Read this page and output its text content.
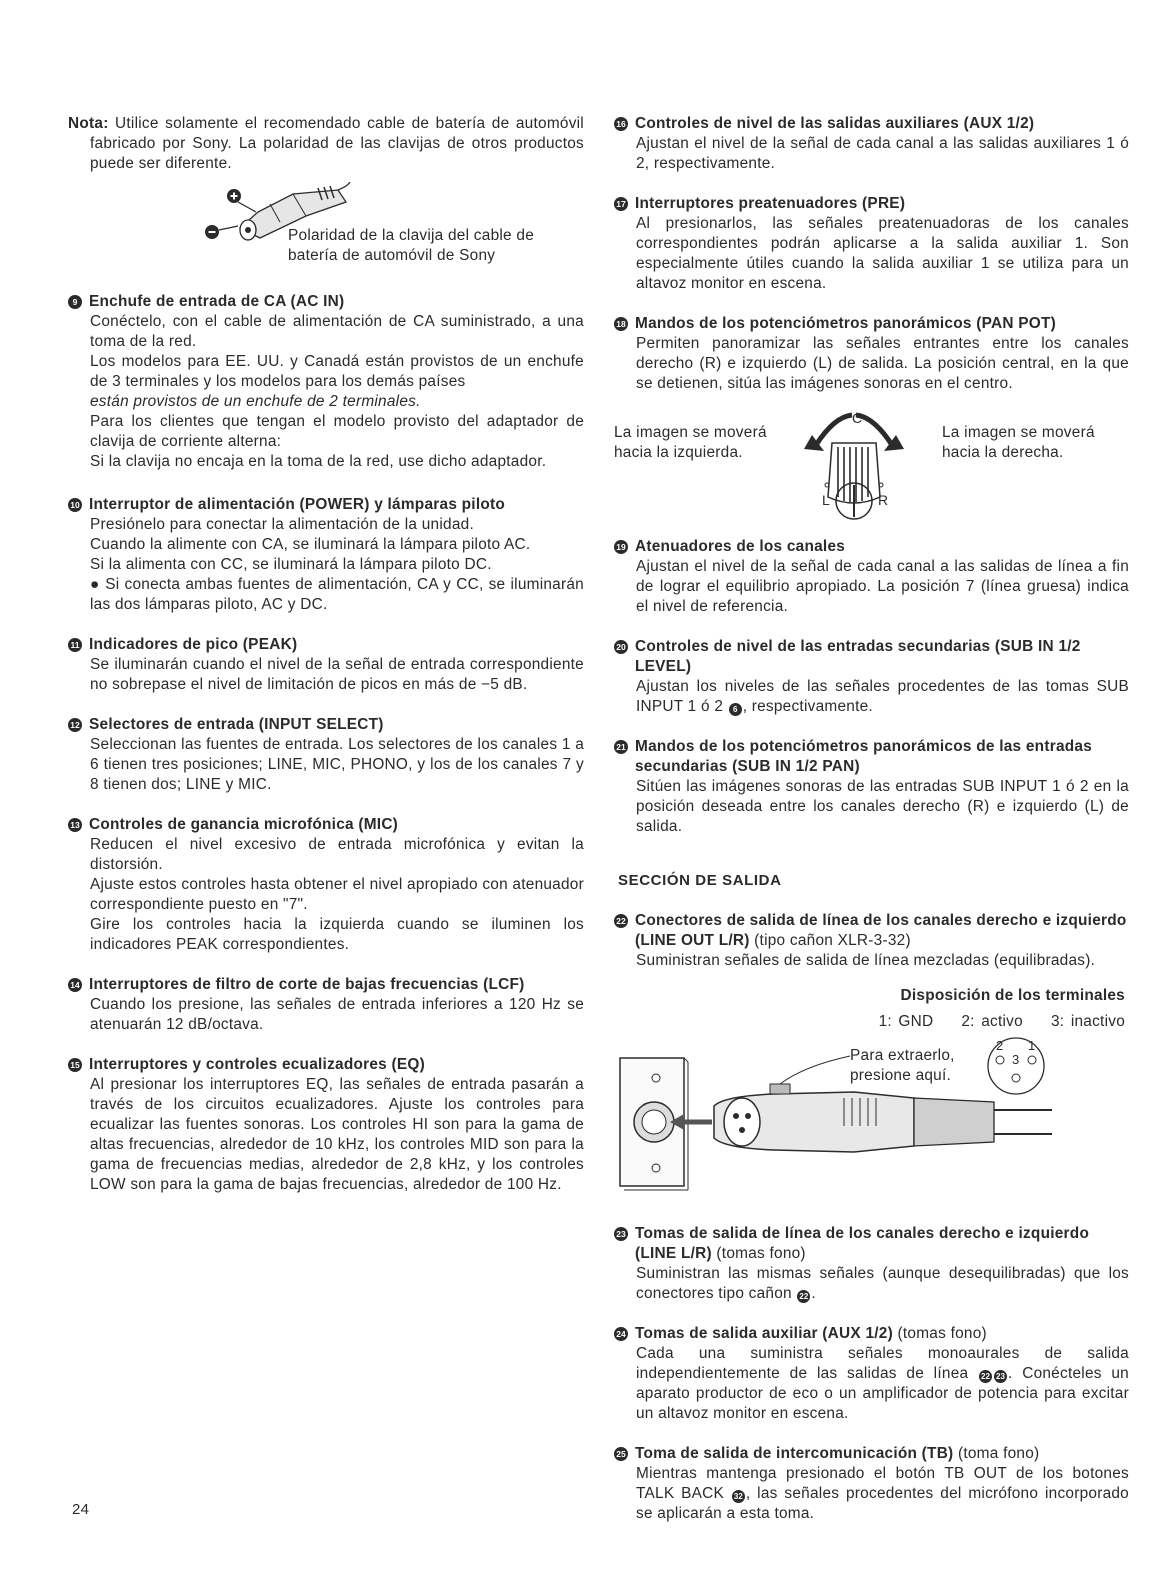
Nota: Utilice solamente el recomendado cable de batería de automóvil fabricado por Sony. La polaridad de las clavijas de otros productos puede ser diferente.

Polaridad de la clavija del cable de
batería de automóvil de Sony
9 Enchufe de entrada de CA (AC IN)

Conéctelo, con el cable de alimentación de CA suministrado, a una toma de la red.

Los modelos para EE. UU. y Canadá están provistos de un enchufe de 3 terminales y los modelos para los demás países

están provistos de un enchufe de 2 terminales.

Para los clientes que tengan el modelo provisto del adaptador de clavija de corriente alterna:

Si la clavija no encaja en la toma de la red, use dicho adaptador.

10 Interruptor de alimentación (POWER) y lámparas piloto

Presiónelo para conectar la alimentación de la unidad.

Cuando la alimente con CA, se iluminará la lámpara piloto AC.

Si la alimenta con CC, se iluminará la lámpara piloto DC.

● Si conecta ambas fuentes de alimentación, CA y CC, se iluminarán las dos lámparas piloto, AC y DC.

11 Indicadores de pico (PEAK)

Se iluminarán cuando el nivel de la señal de entrada correspondiente no sobrepase el nivel de limitación de picos en más de −5 dB.

12 Selectores de entrada (INPUT SELECT)

Seleccionan las fuentes de entrada. Los selectores de los canales 1 a 6 tienen tres posiciones; LINE, MIC, PHONO, y los de los canales 7 y 8 tienen dos; LINE y MIC.

13 Controles de ganancia microfónica (MIC)

Reducen el nivel excesivo de entrada microfónica y evitan la distorsión.

Ajuste estos controles hasta obtener el nivel apropiado con atenuador correspondiente puesto en "7".

Gire los controles hacia la izquierda cuando se iluminen los indicadores PEAK correspondientes.

14 Interruptores de filtro de corte de bajas frecuencias (LCF)

Cuando los presione, las señales de entrada inferiores a 120 Hz se atenuarán 12 dB/octava.

15 Interruptores y controles ecualizadores (EQ)

Al presionar los interruptores EQ, las señales de entrada pasarán a través de los circuitos ecualizadores. Ajuste los controles para ecualizar las fuentes sonoras. Los controles HI son para la gama de altas frecuencias, alrededor de 10 kHz, los controles MID son para la gama de frecuencias medias, alrededor de 2,8 kHz, y los controles LOW son para la gama de bajas frecuencias, alrededor de 100 Hz.

16 Controles de nivel de las salidas auxiliares (AUX 1/2)

Ajustan el nivel de la señal de cada canal a las salidas auxiliares 1 ó 2, respectivamente.

17 Interruptores preatenuadores (PRE)

Al presionarlos, las señales preatenuadoras de los canales correspondientes podrán aplicarse a la salida auxiliar 1. Son especialmente útiles cuando la salida auxiliar 1 se utiliza para un altavoz monitor en escena.

18 Mandos de los potenciómetros panorámicos (PAN POT)

Permiten panoramizar las señales entrantes entre los canales derecho (R) e izquierdo (L) de salida. La posición central, en la que se detienen, sitúa las imágenes sonoras en el centro.

La imagen se moverá
hacia la izquierda.
C
L	R
La imagen se moverá
hacia la derecha.
19 Atenuadores de los canales

Ajustan el nivel de la señal de cada canal a las salidas de línea a fin de lograr el equilibrio apropiado. La posición 7 (línea gruesa) indica el nivel de referencia.

20 Controles de nivel de las entradas secundarias (SUB IN 1/2 LEVEL)

Ajustan los niveles de las señales procedentes de las tomas SUB INPUT 1 ó 2 6 , respectivamente.

21 Mandos de los potenciómetros panorámicos de las entradas secundarias (SUB IN 1/2 PAN)

Sitúen las imágenes sonoras de las entradas SUB INPUT 1 ó 2 en la posición deseada entre los canales derecho (R) e izquierdo (L) de salida.

SECCIÓN DE SALIDA
22 Conectores de salida de línea de los canales derecho e izquierdo (LINE OUT L/R) (tipo cañon XLR-3-32)

Suministran señales de salida de línea mezcladas (equilibradas).

Disposición de los terminales
1: GND 2: activo 3: inactivo
2 1
3
Para extraerlo,
presione aquí.
23 Tomas de salida de línea de los canales derecho e izquierdo (LINE L/R) (tomas fono)

Suministran las mismas señales (aunque desequilibradas) que los conectores tipo cañon 22 .

24 Tomas de salida auxiliar (AUX 1/2) (tomas fono)

Cada una suministra señales monoaurales de salida independientemente de las salidas de línea 22 23 . Conécteles un aparato productor de eco o un amplificador de potencia para excitar un altavoz monitor en escena.

25 Toma de salida de intercomunicación (TB) (toma fono)

Mientras mantenga presionado el botón TB OUT de los botones TALK BACK 32 , las señales procedentes del micrófono incorporado se aplicarán a esta toma.

24
